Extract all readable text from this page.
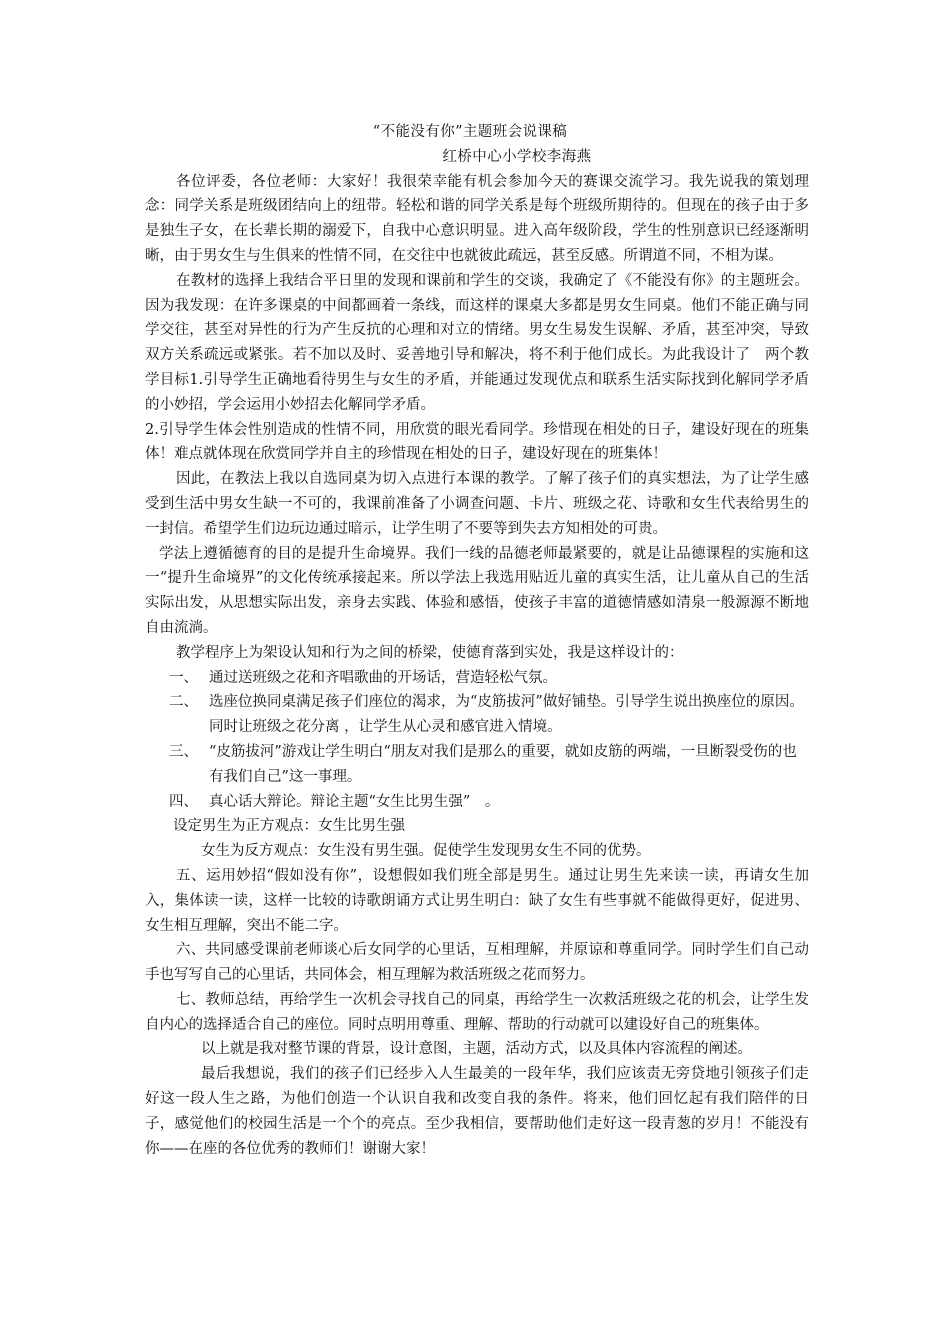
“不能没有你”主题班会说课稿
红桥中心小学校李海燕

各位评委，各位老师：大家好！我很荣幸能有机会参加今天的赛课交流学习。我先说我的策划理念：同学关系是班级团结向上的纽带。轻松和谐的同学关系是每个班级所期待的。但现在的孩子由于多是独生子女，在长辈长期的溺爱下，自我中心意识明显。进入高年级阶段，学生的性别意识已经逐渐明晰，由于男女生与生俱来的性情不同，在交往中也就彼此疏远，甚至反感。所谓道不同，不相为谋。

在教材的选择上我结合平日里的发现和课前和学生的交谈，我确定了《不能没有你》的主题班会。因为我发现：在许多课桌的中间都画着一条线，而这样的课桌大多都是男女生同桌。他们不能正确与同学交往，甚至对异性的行为产生反抗的心理和对立的情绪。男女生易发生误解、矛盾，甚至冲突，导致双方关系疏远或紧张。若不加以及时、妥善地引导和解决，将不利于他们成长。为此我设计了　两个教学目标1.引导学生正确地看待男生与女生的矛盾，并能通过发现优点和联系生活实际找到化解同学矛盾的小妙招，学会运用小妙招去化解同学矛盾。

2.引导学生体会性别造成的性情不同，用欣赏的眼光看同学。珍惜现在相处的日子，建设好现在的班集体！难点就体现在欣赏同学并自主的珍惜现在相处的日子，建设好现在的班集体！

因此，在教法上我以自选同桌为切入点进行本课的教学。了解了孩子们的真实想法，为了让学生感受到生活中男女生缺一不可的，我课前准备了小调查问题、卡片、班级之花、诗歌和女生代表给男生的一封信。希望学生们边玩边通过暗示，让学生明了不要等到失去方知相处的可贵。

学法上遵循德育的目的是提升生命境界。我们一线的品德老师最紧要的，就是让品德课程的实施和这一“提升生命境界”的文化传统承接起来。所以学法上我选用贴近儿童的真实生活，让儿童从自己的生活实际出发，从思想实际出发，亲身去实践、体验和感悟，使孩子丰富的道德情感如清泉一般源源不断地自由流淌。

教学程序上为架设认知和行为之间的桥梁，使德育落到实处，我是这样设计的：

一、 通过送班级之花和齐唱歌曲的开场话，营造轻松气氛。
二、 选座位换同桌满足孩子们座位的渴求，为“皮筋拔河”做好铺垫。引导学生说出换座位的原因。同时让班级之花分离 ，让学生从心灵和感官进入情境。
三、 “皮筋拔河”游戏让学生明白“朋友对我们是那么的重要，就如皮筋的两端，一旦断裂受伤的也有我们自己”这一事理。
四、 真心话大辩论。辩论主题“女生比男生强”　。

设定男生为正方观点：女生比男生强

女生为反方观点：女生没有男生强。促使学生发现男女生不同的优势。

五、运用妙招“假如没有你”，设想假如我们班全部是男生。通过让男生先来读一读，再请女生加入，集体读一读，这样一比较的诗歌朗诵方式让男生明白：缺了女生有些事就不能做得更好，促进男、女生相互理解，突出不能二字。

六、共同感受课前老师谈心后女同学的心里话，互相理解，并原谅和尊重同学。同时学生们自己动手也写写自己的心里话，共同体会，相互理解为救活班级之花而努力。

七、教师总结，再给学生一次机会寻找自己的同桌，再给学生一次救活班级之花的机会，让学生发自内心的选择适合自己的座位。同时点明用尊重、理解、帮助的行动就可以建设好自己的班集体。

以上就是我对整节课的背景，设计意图，主题，活动方式，以及具体内容流程的阐述。

最后我想说，我们的孩子们已经步入人生最美的一段年华，我们应该责无旁贷地引领孩子们走好这一段人生之路，为他们创造一个认识自我和改变自我的条件。将来，他们回忆起有我们陪伴的日子，感觉他们的校园生活是一个个的亮点。至少我相信，要帮助他们走好这一段青葱的岁月！不能没有你——在座的各位优秀的教师们！谢谢大家！
